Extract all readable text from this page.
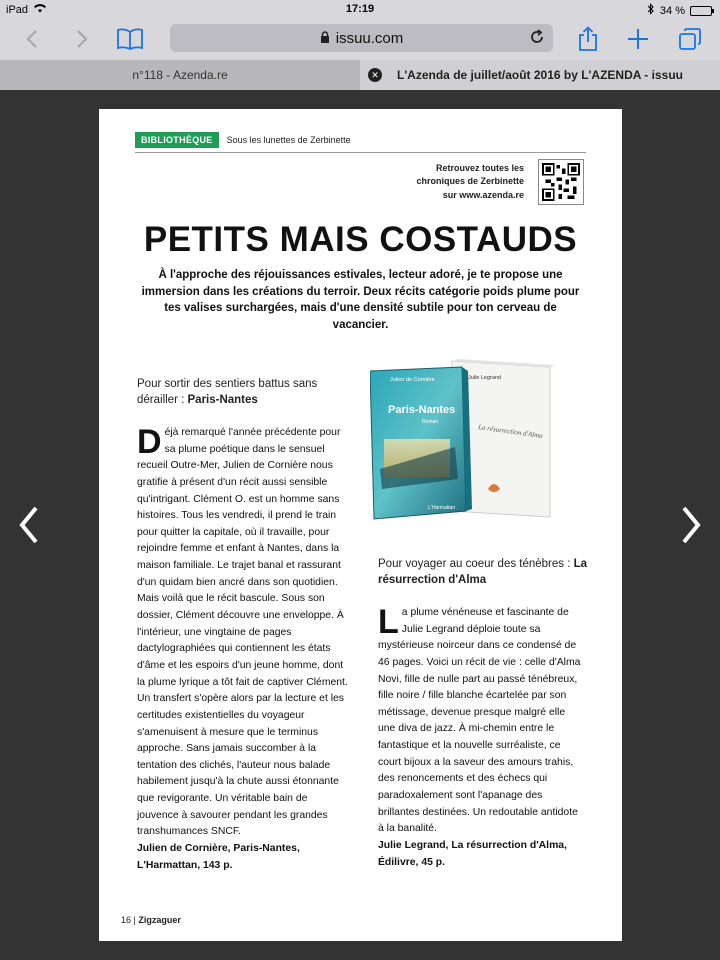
iPad	17:19	34 %
issuu.com
n°118 - Azenda.re	✕ L'Azenda de juillet/août 2016 by L'AZENDA - issuu
BIBLIOTHÈQUE	Sous les lunettes de Zerbinette
Retrouvez toutes les
chroniques de Zerbinette
sur www.azenda.re
PETITS MAIS COSTAUDS
À l'approche des réjouissances estivales, lecteur adoré, je te propose une immersion dans les créations du terroir. Deux récits catégorie poids plume pour tes valises surchargées, mais d'une densité subtile pour ton cerveau de vacancier.
Pour sortir des sentiers battus sans dérailler : Paris-Nantes
Déjà remarqué l'année précédente pour sa plume poétique dans le sensuel recueil Outre-Mer, Julien de Cornière nous gratifie à présent d'un récit aussi sensible qu'intrigant. Clément O. est un homme sans histoires. Tous les vendredi, il prend le train pour quitter la capitale, où il travaille, pour rejoindre femme et enfant à Nantes, dans la maison familiale. Le trajet banal et rassurant d'un quidam bien ancré dans son quotidien. Mais voilà que le récit bascule. Sous son dossier, Clément découvre une enveloppe. À l'intérieur, une vingtaine de pages dactylographiées qui contiennent les états d'âme et les espoirs d'un jeune homme, dont la plume lyrique a tôt fait de captiver Clément. Un transfert s'opère alors par la lecture et les certitudes existentielles du voyageur s'amenuisent à mesure que le terminus approche. Sans jamais succomber à la tentation des clichés, l'auteur nous balade habilement jusqu'à la chute aussi étonnante que revigorante. Un véritable bain de jouvence à savourer pendant les grandes transhumances SNCF.
Julien de Cornière, Paris-Nantes,
L'Harmattan, 143 p.
Julie Legrand
La résurrection d'Alma
Julien de Cornière
Paris-Nantes
Roman
L'Harmattan
Pour voyager au coeur des ténèbres : La résurrection d'Alma
La plume vénéneuse et fascinante de Julie Legrand déploie toute sa mystérieuse noirceur dans ce condensé de 46 pages. Voici un récit de vie : celle d'Alma Novi, fille de nulle part au passé ténébreux, fille noire / fille blanche écartelée par son métissage, devenue presque malgré elle une diva de jazz. À mi-chemin entre le fantastique et la nouvelle surréaliste, ce court bijoux a la saveur des amours trahis, des renoncements et des échecs qui paradoxalement sont l'apanage des brillantes destinées. Un redoutable antidote à la banalité.
Julie Legrand, La résurrection d'Alma,
Édilivre, 45 p.
16 | Zigzaguer
